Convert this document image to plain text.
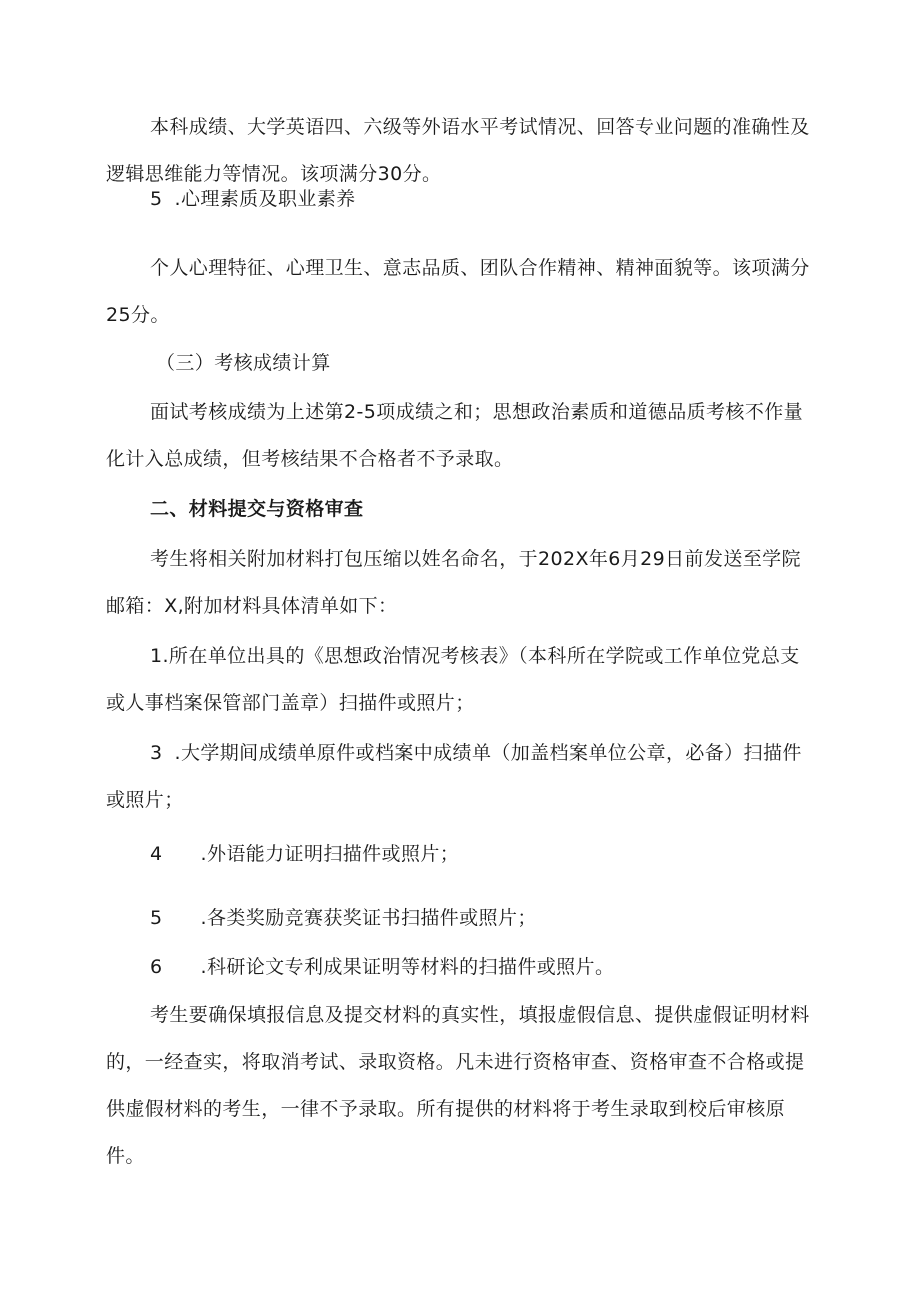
本科成绩、大学英语四、六级等外语水平考试情况、回答专业问题的准确性及逻辑思维能力等情况。该项满分30分。

5 .心理素质及职业素养

个人心理特征、心理卫生、意志品质、团队合作精神、精神面貌等。该项满分25分。

（三）考核成绩计算

面试考核成绩为上述第2-5项成绩之和；思想政治素质和道德品质考核不作量化计入总成绩，但考核结果不合格者不予录取。

二、材料提交与资格审查

考生将相关附加材料打包压缩以姓名命名，于202X年6月29日前发送至学院邮箱：X,附加材料具体清单如下：

1.所在单位出具的《思想政治情况考核表》（本科所在学院或工作单位党总支或人事档案保管部门盖章）扫描件或照片；

3 .大学期间成绩单原件或档案中成绩单（加盖档案单位公章，必备）扫描件或照片；

4 .外语能力证明扫描件或照片；

5 .各类奖励竞赛获奖证书扫描件或照片；

6 .科研论文专利成果证明等材料的扫描件或照片。

考生要确保填报信息及提交材料的真实性，填报虚假信息、提供虚假证明材料的，一经查实，将取消考试、录取资格。凡未进行资格审查、资格审查不合格或提供虚假材料的考生，一律不予录取。所有提供的材料将于考生录取到校后审核原件。
